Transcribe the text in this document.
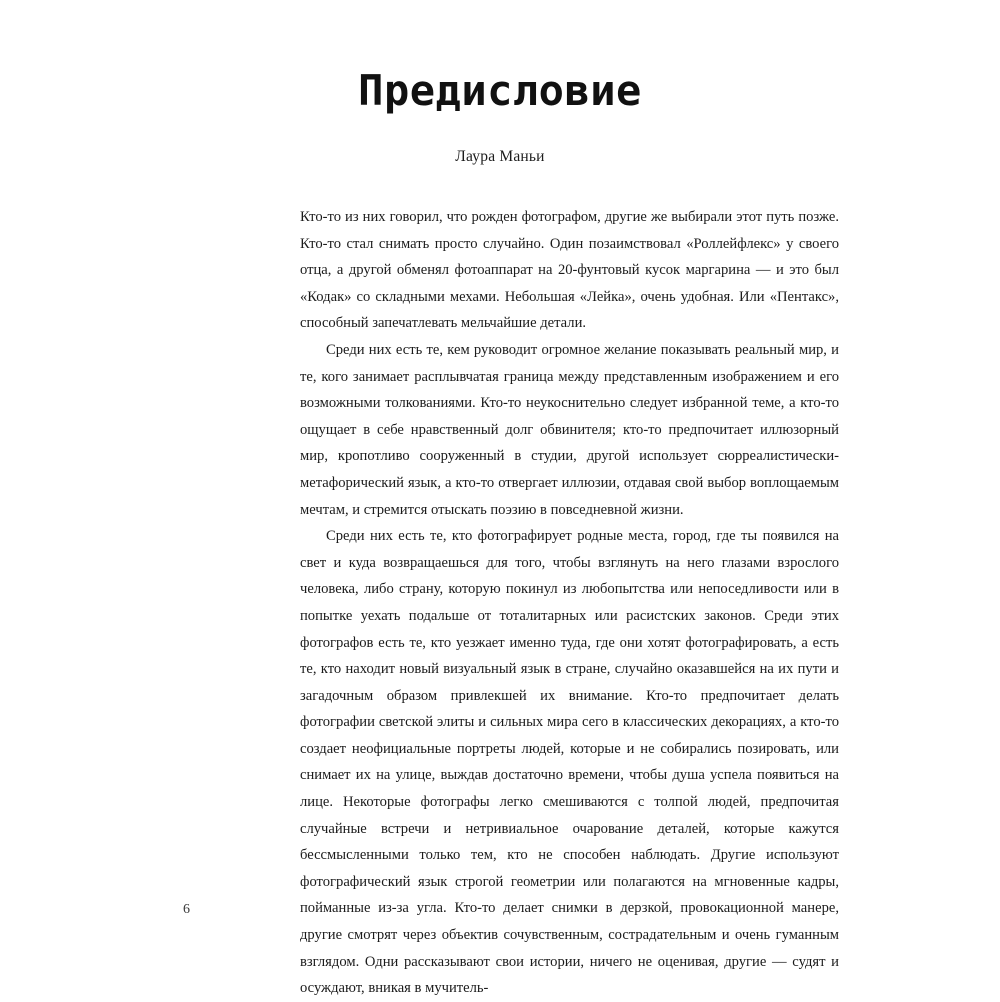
Предисловие
Лаура Маньи

Кто-то из них говорил, что рожден фотографом, другие же выбирали этот путь позже. Кто-то стал снимать просто случайно. Один позаимствовал «Роллейфлекс» у своего отца, а другой обменял фотоаппарат на 20-фунтовый кусок маргарина — и это был «Кодак» со складными мехами. Небольшая «Лейка», очень удобная. Или «Пентакс», способный запечатлевать мельчайшие детали.

Среди них есть те, кем руководит огромное желание показывать реальный мир, и те, кого занимает расплывчатая граница между представленным изображением и его возможными толкованиями. Кто-то неукоснительно следует избранной теме, а кто-то ощущает в себе нравственный долг обвинителя; кто-то предпочитает иллюзорный мир, кропотливо сооруженный в студии, другой использует сюрреалистически-метафорический язык, а кто-то отвергает иллюзии, отдавая свой выбор воплощаемым мечтам, и стремится отыскать поэзию в повседневной жизни.

Среди них есть те, кто фотографирует родные места, город, где ты появился на свет и куда возвращаешься для того, чтобы взглянуть на него глазами взрослого человека, либо страну, которую покинул из любопытства или непоседливости или в попытке уехать подальше от тоталитарных или расистских законов. Среди этих фотографов есть те, кто уезжает именно туда, где они хотят фотографировать, а есть те, кто находит новый визуальный язык в стране, случайно оказавшейся на их пути и загадочным образом привлекшей их внимание. Кто-то предпочитает делать фотографии светской элиты и сильных мира сего в классических декорациях, а кто-то создает неофициальные портреты людей, которые и не собирались позировать, или снимает их на улице, выждав достаточно времени, чтобы душа успела появиться на лице. Некоторые фотографы легко смешиваются с толпой людей, предпочитая случайные встречи и нетривиальное очарование деталей, которые кажутся бессмысленными только тем, кто не способен наблюдать. Другие используют фотографический язык строгой геометрии или полагаются на мгновенные кадры, пойманные из-за угла. Кто-то делает снимки в дерзкой, провокационной манере, другие смотрят через объектив сочувственным, сострадательным и очень гуманным взглядом. Одни рассказывают свои истории, ничего не оценивая, другие — судят и осуждают, вникая в мучитель-

6
